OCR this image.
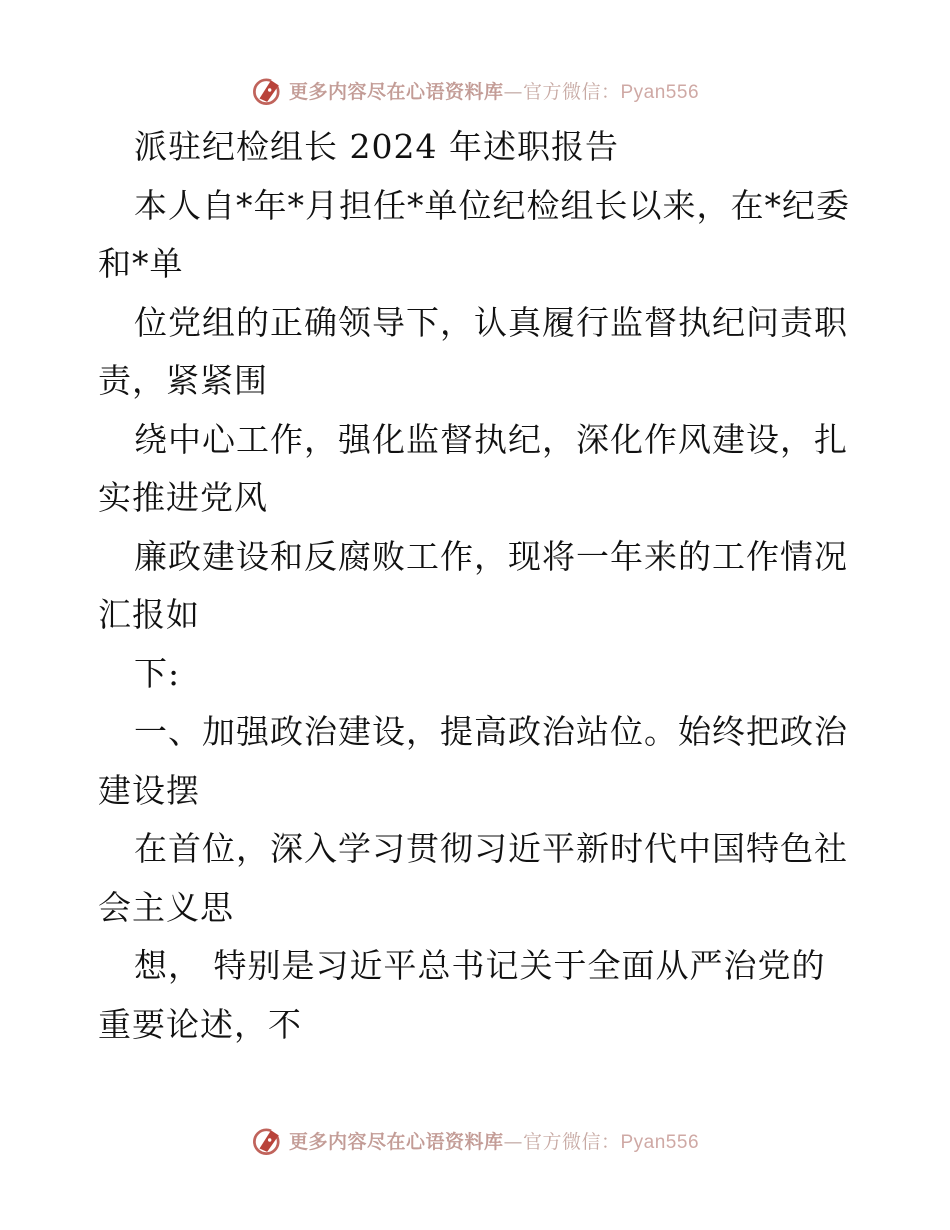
更多内容尽在心语资料库—官方微信：Pyan556
派驻纪检组长 2024 年述职报告
本人自*年*月担任*单位纪检组长以来，在*纪委
和*单
位党组的正确领导下，认真履行监督执纪问责职
责，紧紧围
绕中心工作，强化监督执纪，深化作风建设，扎
实推进党风
廉政建设和反腐败工作，现将一年来的工作情况
汇报如
下:
一、加强政治建设，提高政治站位。始终把政治
建设摆
在首位，深入学习贯彻习近平新时代中国特色社
会主义思
想， 特别是习近平总书记关于全面从严治党的
重要论述，不
更多内容尽在心语资料库—官方微信：Pyan556
